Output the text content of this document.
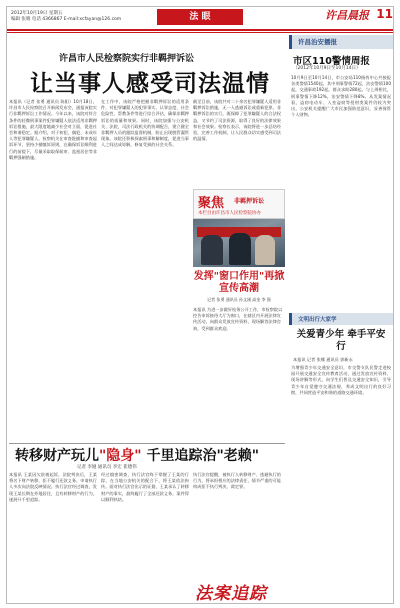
2012年10月19日 星期五
编辑 张晴 电话 4366867 E-mail:xcfayan@126.com	法 眼	许昌晨报 11
许昌市人民检察院实行非羁押诉讼
让当事人感受司法温情

本报讯（记者 张勇 通讯员 陈阳）10月18日，许昌市人民检察院召开新闻发布会，通报该院实行非羁押诉讼工作情况。今年以来，该院对符合条件的轻微刑事案件犯罪嫌疑人依法适用非羁押诉讼措施，最大限度地减少社会对立面，促进社会和谐稳定。据介绍，对于初犯、偶犯、未成年人等犯罪嫌疑人，检察机关在审查批捕和审查起诉环节，坚持少捕慎诉原则，在确保诉讼顺利进行的前提下，尽量采取取保候审、监视居住等非羁押强制措施。

在工作中，该院严格把握非羁押诉讼的适用条件，对犯罪嫌疑人的犯罪事实、认罪态度、社会危险性、帮教条件等进行综合评估，确保非羁押诉讼的质量和效果。同时，该院加强与公安机关、法院、司法行政机关的协调配合，建立健全非羁押人员的跟踪监督机制，防止出现脱管漏管现象。该院还积极探索刑事和解制度，促进当事人之间达成谅解，修复受损的社会关系。

截至目前，该院共对二十余名犯罪嫌疑人适用非羁押诉讼措施，无一人逃避诉讼或重新犯罪。非羁押诉讼的实行，既保障了犯罪嫌疑人的合法权益，又节约了司法资源，取得了良好的法律效果和社会效果。检察长表示，该院将进一步总结经验，完善工作机制，让人民群众切实感受到司法的温情。

聚焦 非羁押诉讼
本栏目由许昌市人民检察院协办
发挥"窗口作用"再掀宣传高潮
记者 张勇 通讯员 孙文刚 高金 李 强
本报讯 为进一步做好检务公开工作，市检察院以控告申诉接待大厅为窗口，在辖区内开展法律宣传活动，向群众发放宣传资料，现场解答法律咨询，受到群众欢迎。
转移财产玩儿"隐身" 千里追踪治"老赖"
记者 李娅 通讯员 李宏 崔德伟

本报讯 王某因欠款被起诉，法院判决后，王某将名下财产转移，拒不履行还款义务。申请执行人多次向法院反映情况。执行法官经过调查，发现王某长期在外地居住，且有转移财产的行为，遂展开千里追踪。

经过缜密调查，执行法官终于掌握了王某的行踪，在当地公安机关的配合下，将王某依法拘传。面对执行法官出示的证据，王某承认了转移财产的事实，最终履行了全部还款义务，案件得以顺利执结。

执行法官提醒，被执行人转移财产、逃避执行的行为，将承担相应的法律责任，情节严重的可能构成拒不执行判决、裁定罪。

法案追踪
许昌治安播报
市区110警情周报
（2012年10月9日至10月14日）
10月9日至10月14日，市公安局110指挥中心共接报各类警情1540起，其中刑事警情72起，治安警情100起，交通事故192起，群众求助280起。与上周相比，刑事警情下降12%，治安警情下降8%。从发案情况看，盗窃电动车、入室盗窃等侵财类案件仍较为突出，公安机关提醒广大市民加强防范意识，妥善保管个人财物。
文明出行大家学
关爱青少年 牵手平安行
本报讯 记者 张娜 通讯员 郭新永
为增强青少年交通安全意识，市交警支队民警走进校园开展交通安全宣传教育活动，通过发放宣传资料、现场讲解等形式，向学生们普及交通安全知识，引导青少年自觉遵守交通法规，养成文明出行的良好习惯，共同营造平安和谐的道路交通环境。
